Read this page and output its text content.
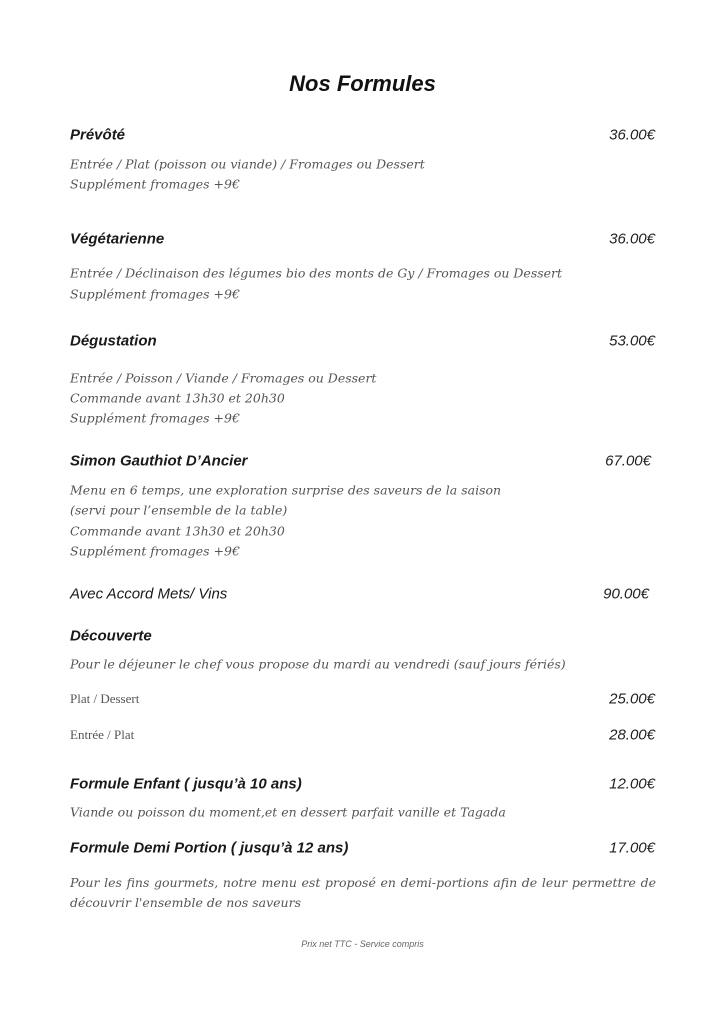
Nos Formules
Prévôté	36.00€
Entrée / Plat (poisson ou viande) / Fromages ou Dessert
Supplément fromages +9€
Végétarienne	36.00€
Entrée / Déclinaison des légumes bio des monts de Gy / Fromages ou Dessert
Supplément fromages +9€
Dégustation	53.00€
Entrée / Poisson / Viande / Fromages ou Dessert
Commande avant 13h30 et 20h30
Supplément fromages +9€
Simon Gauthiot D’Ancier	67.00€
Menu en 6 temps, une exploration surprise des saveurs de la saison
(servi pour l’ensemble de la table)
Commande avant 13h30 et 20h30
Supplément fromages +9€
Avec Accord Mets/ Vins	90.00€
Découverte
Pour le déjeuner le chef vous propose du mardi au vendredi (sauf jours fériés)
Plat / Dessert	25.00€
Entrée / Plat	28.00€
Formule Enfant ( jusqu’à 10 ans)	12.00€
Viande ou poisson du moment,et en dessert parfait vanille et Tagada
Formule Demi Portion ( jusqu’à 12 ans)	17.00€
Pour les fins gourmets, notre menu est proposé en demi-portions afin de leur permettre de découvrir l'ensemble de nos saveurs
Prix net TTC - Service compris
